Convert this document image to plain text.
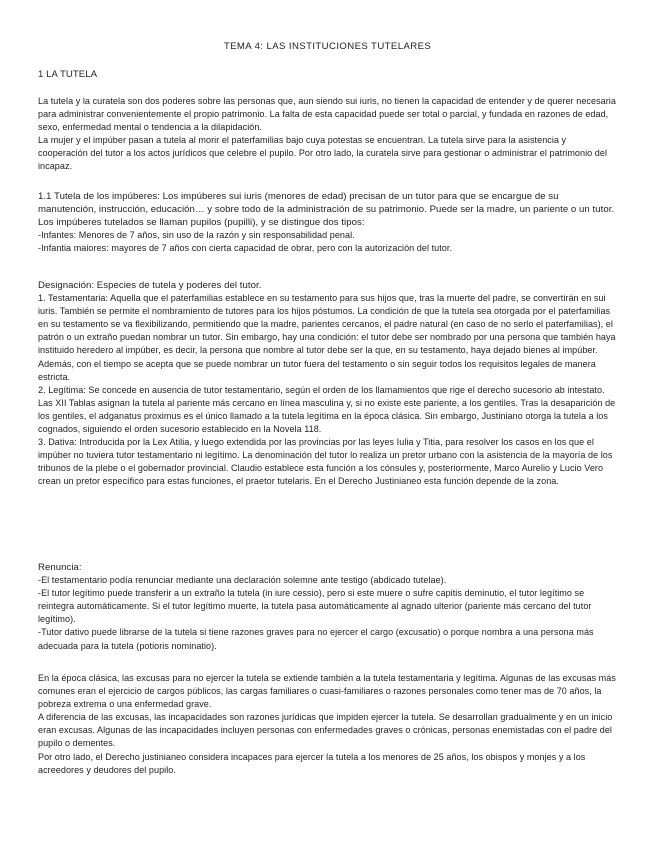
TEMA 4: LAS INSTITUCIONES TUTELARES
1 LA TUTELA

La tutela y la curatela son dos poderes sobre las personas que, aun siendo sui iuris, no tienen la capacidad de entender y de querer necesaria para administrar convenientemente el propio patrimonio. La falta de esta capacidad puede ser total o parcial, y fundada en razones de edad, sexo, enfermedad mental o tendencia a la dilapidación.

La mujer y el impúber pasan a tutela al morir el paterfamilias bajo cuya potestas se encuentran. La tutela sirve para la asistencia y cooperación del tutor a los actos jurídicos que celebre el pupilo. Por otro lado, la curatela sirve para gestionar o administrar el patrimonio del incapaz.

1.1 Tutela de los impúberes: Los impúberes sui iuris (menores de edad) precisan de un tutor para que se encargue de su manutención, instrucción, educación… y sobre todo de la administración de su patrimonio. Puede ser la madre, un pariente o un tutor. Los impúberes tutelados se llaman pupilos (pupilli), y se distingue dos tipos:

-Infantes: Menores de 7 años, sin uso de la razón y sin responsabilidad penal.

-Infantia maiores: mayores de 7 años con cierta capacidad de obrar, pero con la autorización del tutor.

Designación: Especies de tutela y poderes del tutor.

1. Testamentaria: Aquella que el paterfamilias establece en su testamento para sus hijos que, tras la muerte del padre, se convertirán en sui iuris. También se permite el nombramiento de tutores para los hijos póstumos. La condición de que la tutela sea otorgada por el paterfamilias en su testamento se va flexibilizando, permitiendo que la madre, parientes cercanos, el padre natural (en caso de no serlo el paterfamilias), el patrón o un extraño puedan nombrar un tutor. Sin embargo, hay una condición: el tutor debe ser nombrado por una persona que también haya instituido heredero al impúber, es decir, la persona que nombre al tutor debe ser la que, en su testamento, haya dejado bienes al impúber. Además, con el tiempo se acepta que se puede nombrar un tutor fuera del testamento o sin seguir todos los requisitos legales de manera estricta.

2. Legítima: Se concede en ausencia de tutor testamentario, según el orden de los llamamientos que rige el derecho sucesorio ab intestato. Las XII Tablas asignan la tutela al pariente más cercano en línea masculina y, si no existe este pariente, a los gentiles. Tras la desaparición de los gentiles, el adganatus proximus es el único llamado a la tutela legítima en la época clásica. Sin embargo, Justiniano otorga la tutela a los cognados, siguiendo el orden sucesorio establecido en la Novela 118.

3. Dativa: Introducida por la Lex Atilia, y luego extendida por las provincias por las leyes Iulia y Titia, para resolver los casos en los que el impúber no tuviera tutor testamentario ni legítimo. La denominación del tutor lo realiza un pretor urbano con la asistencia de la mayoría de los tribunos de la plebe o el gobernador provincial. Claudio establece esta función a los cónsules y, posteriormente, Marco Aurelio y Lucio Vero crean un pretor específico para estas funciones, el praetor tutelaris. En el Derecho Justinianeo esta función depende de la zona.

Renuncia:

-El testamentario podía renunciar mediante una declaración solemne ante testigo (abdicado tutelae).

-El tutor legítimo puede transferir a un extraño la tutela (in iure cessio), pero si este muere o sufre capitis deminutio, el tutor legítimo se reintegra automáticamente. Si el tutor legítimo muerte, la tutela pasa automáticamente al agnado ulterior (pariente más cercano del tutor legítimo).

-Tutor dativo puede librarse de la tutela si tiene razones graves para no ejercer el cargo (excusatio) o porque nombra a una persona más adecuada para la tutela (potioris nominatio).

En la época clásica, las excusas para no ejercer la tutela se extiende también a la tutela testamentaria y legítima. Algunas de las excusas más comunes eran el ejercicio de cargos públicos, las cargas familiares o cuasi-familiares o razones personales como tener mas de 70 años, la pobreza extrema o una enfermedad grave.

A diferencia de las excusas, las incapacidades son razones jurídicas que impiden ejercer la tutela. Se desarrollan gradualmente y en un inicio eran excusas. Algunas de las incapacidades incluyen personas con enfermedades graves o crónicas, personas enemistadas con el padre del pupilo o dementes.

Por otro lado, el Derecho justinianeo considera incapaces para ejercer la tutela a los menores de 25 años, los obispos y monjes y a los acreedores y deudores del pupilo.
